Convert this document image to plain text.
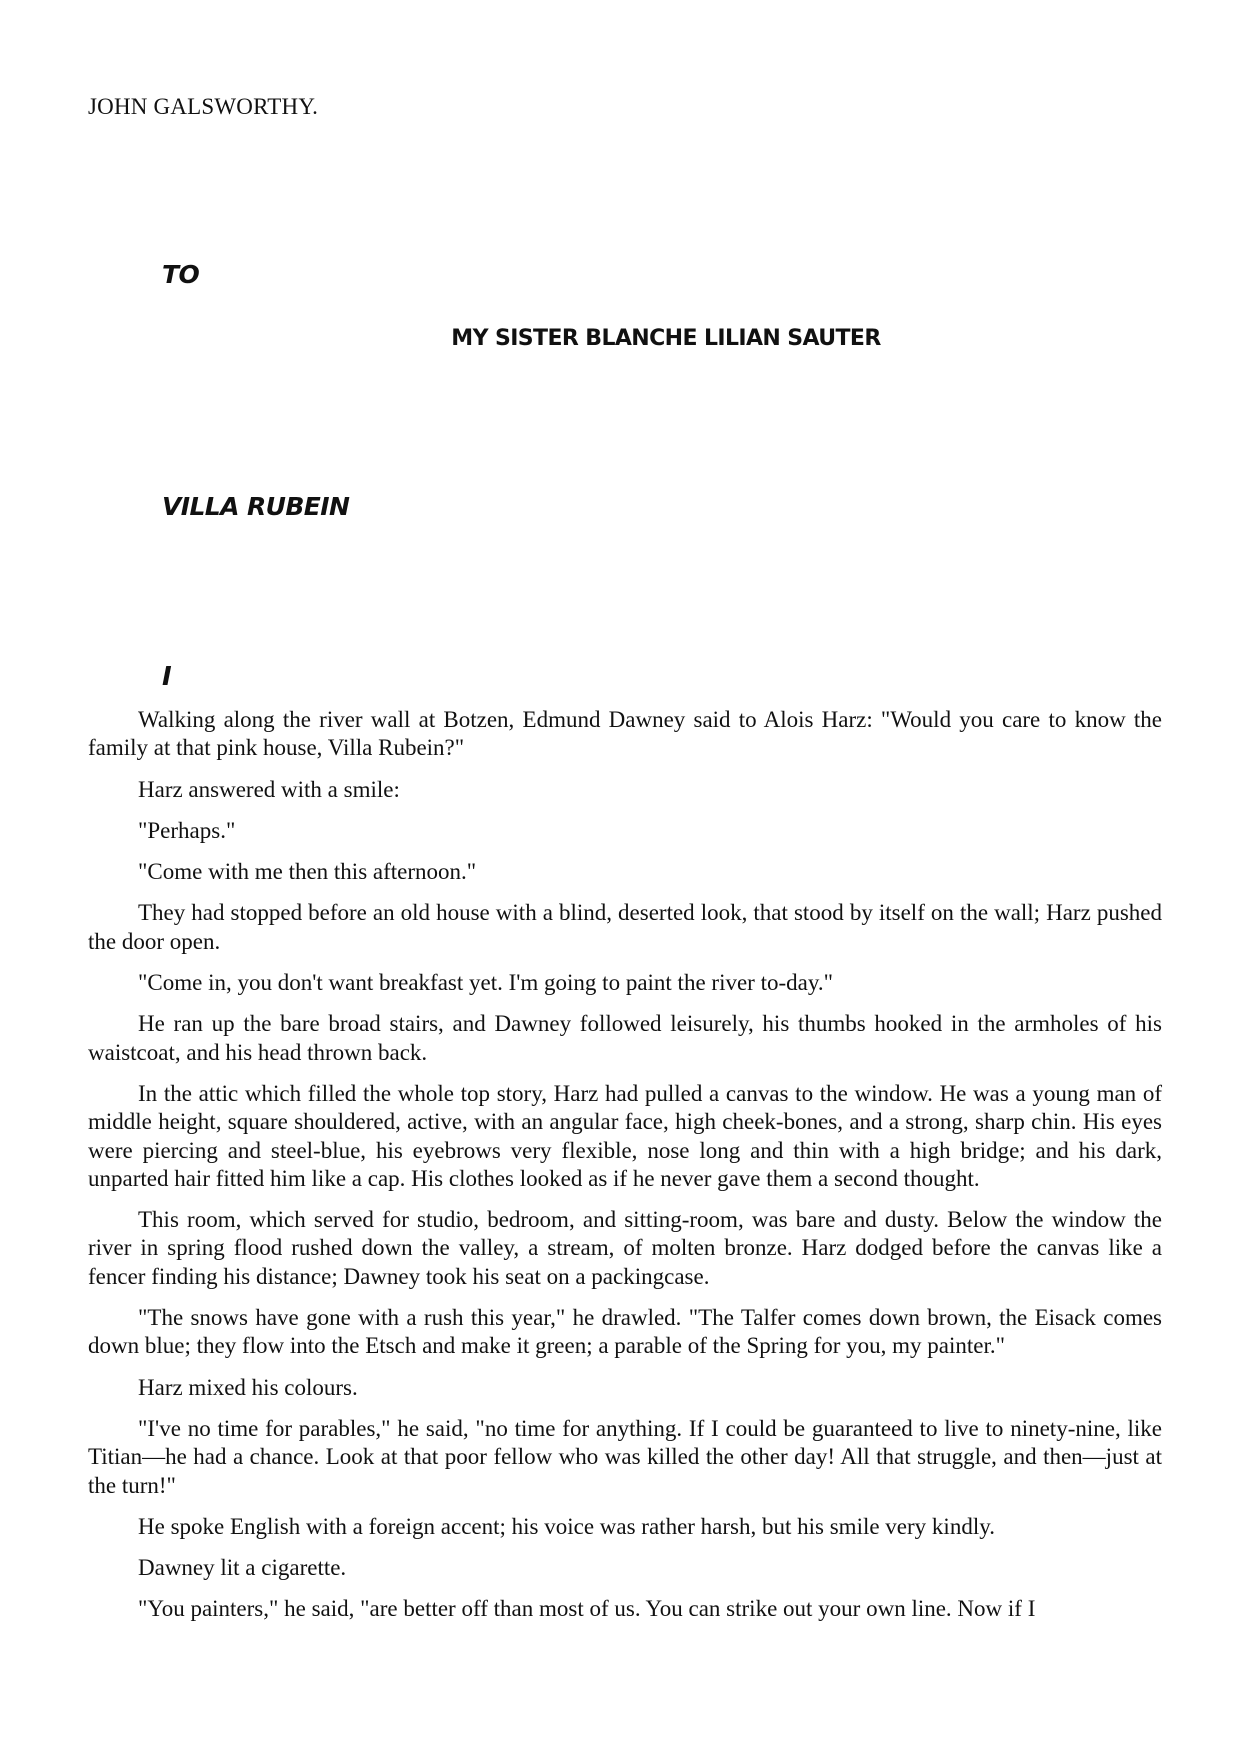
JOHN GALSWORTHY.
TO
MY SISTER BLANCHE LILIAN SAUTER
VILLA RUBEIN
I

Walking along the river wall at Botzen, Edmund Dawney said to Alois Harz: "Would you care to know the family at that pink house, Villa Rubein?"

Harz answered with a smile:

"Perhaps."

"Come with me then this afternoon."

They had stopped before an old house with a blind, deserted look, that stood by itself on the wall; Harz pushed the door open.

"Come in, you don't want breakfast yet. I'm going to paint the river to-day."

He ran up the bare broad stairs, and Dawney followed leisurely, his thumbs hooked in the armholes of his waistcoat, and his head thrown back.

In the attic which filled the whole top story, Harz had pulled a canvas to the window. He was a young man of middle height, square shouldered, active, with an angular face, high cheek-bones, and a strong, sharp chin. His eyes were piercing and steel-blue, his eyebrows very flexible, nose long and thin with a high bridge; and his dark, unparted hair fitted him like a cap. His clothes looked as if he never gave them a second thought.

This room, which served for studio, bedroom, and sitting-room, was bare and dusty. Below the window the river in spring flood rushed down the valley, a stream, of molten bronze. Harz dodged before the canvas like a fencer finding his distance; Dawney took his seat on a packingcase.

"The snows have gone with a rush this year," he drawled. "The Talfer comes down brown, the Eisack comes down blue; they flow into the Etsch and make it green; a parable of the Spring for you, my painter."

Harz mixed his colours.

"I've no time for parables," he said, "no time for anything. If I could be guaranteed to live to ninety-nine, like Titian—he had a chance. Look at that poor fellow who was killed the other day! All that struggle, and then—just at the turn!"

He spoke English with a foreign accent; his voice was rather harsh, but his smile very kindly.

Dawney lit a cigarette.

"You painters," he said, "are better off than most of us. You can strike out your own line. Now if I
